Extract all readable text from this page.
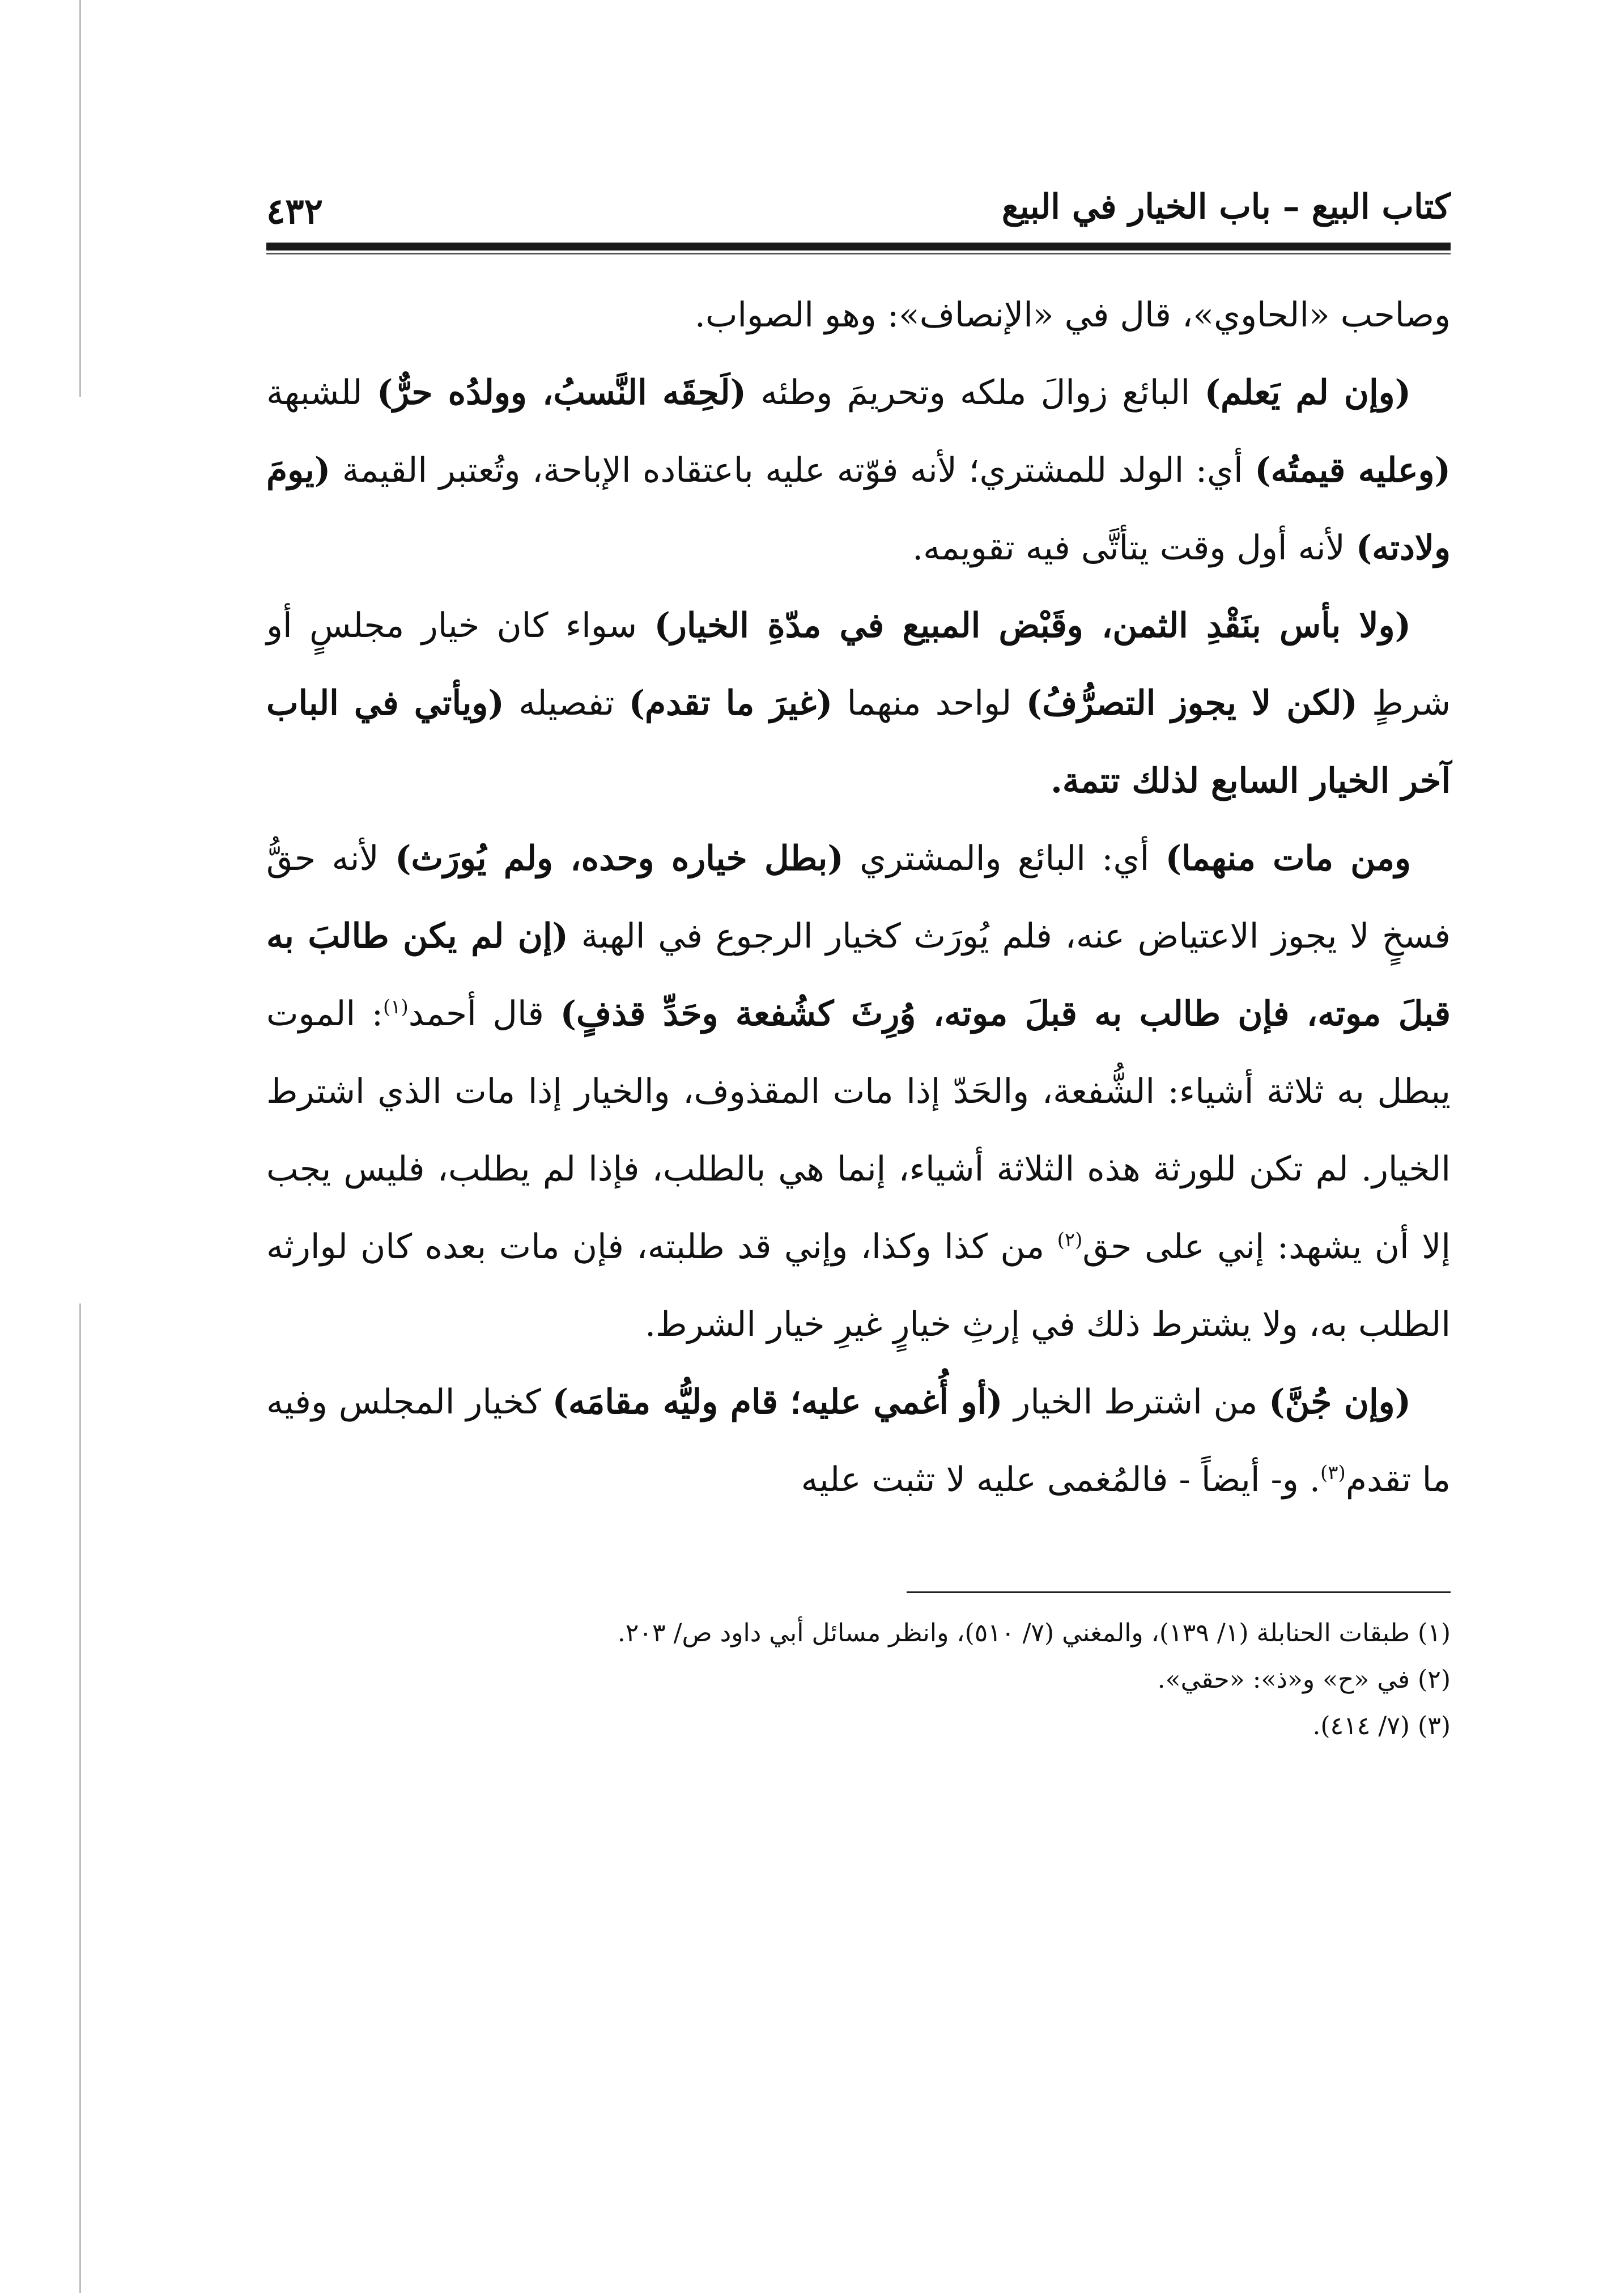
كتاب البيع – باب الخيار في البيع
٤٣٢

وصاحب «الحاوي»، قال في «الإنصاف»: وهو الصواب.

(وإن لم يَعلم) البائع زوالَ ملكه وتحريمَ وطئه (لَحِقَه النَّسبُ، وولدُه حرٌّ) للشبهة (وعليه قيمتُه) أي: الولد للمشتري؛ لأنه فوّته عليه باعتقاده الإباحة، وتُعتبر القيمة (يومَ ولادته) لأنه أول وقت يتأتَّى فيه تقويمه.

(ولا بأس بنَقْدِ الثمن، وقَبْض المبيع في مدّةِ الخيار) سواء كان خيار مجلسٍ أو شرطٍ (لكن لا يجوز التصرُّفُ) لواحد منهما (غيرَ ما تقدم) تفصيله (ويأتي في الباب آخر الخيار السابع لذلك تتمة.

ومن مات منهما) أي: البائع والمشتري (بطل خياره وحده، ولم يُورَث) لأنه حقُّ فسخٍ لا يجوز الاعتياض عنه، فلم يُورَث كخيار الرجوع في الهبة (إن لم يكن طالبَ به قبلَ موته، فإن طالب به قبلَ موته، وُرِثَ كشُفعة وحَدِّ قذفٍ) قال أحمد$^{(١)}$: الموت يبطل به ثلاثة أشياء: الشُّفعة، والحَدّ إذا مات المقذوف، والخيار إذا مات الذي اشترط الخيار. لم تكن للورثة هذه الثلاثة أشياء، إنما هي بالطلب، فإذا لم يطلب، فليس يجب إلا أن يشهد: إني على حق$^{(٢)}$ من كذا وكذا، وإني قد طلبته، فإن مات بعده كان لوارثه الطلب به، ولا يشترط ذلك في إرثِ خيارٍ غيرِ خيار الشرط.

(وإن جُنَّ) من اشترط الخيار (أو أُغمي عليه؛ قام وليُّه مقامَه) كخيار المجلس وفيه ما تقدم$^{(٣)}$. و- أيضاً - فالمُغمى عليه لا تثبت عليه

(١) طبقات الحنابلة (١/ ١٣٩)، والمغني (٧/ ٥١٠)، وانظر مسائل أبي داود ص/ ٢٠٣.

(٢) في «ح» و«ذ»: «حقي».

(٣) (٧/ ٤١٤).
